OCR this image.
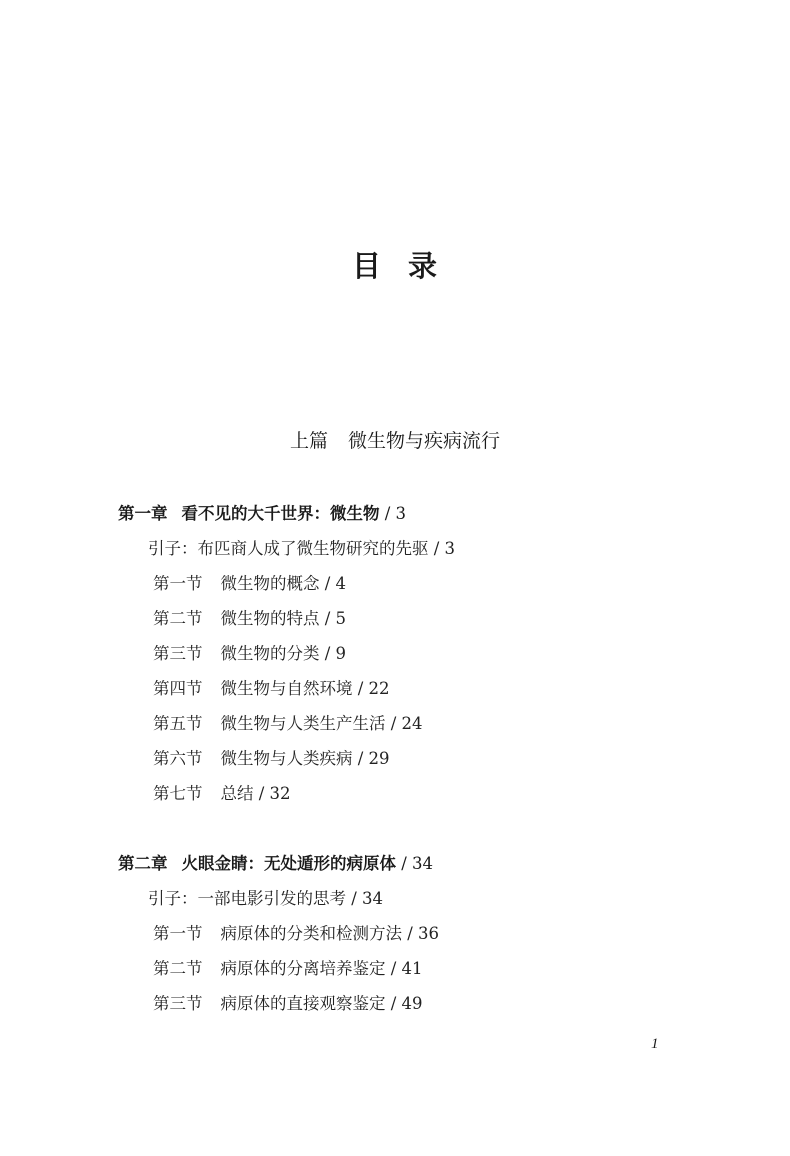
目 录
上篇 微生物与疾病流行
第一章 看不见的大千世界：微生物 / 3
引子：布匹商人成了微生物研究的先驱 / 3
第一节 微生物的概念 / 4
第二节 微生物的特点 / 5
第三节 微生物的分类 / 9
第四节 微生物与自然环境 / 22
第五节 微生物与人类生产生活 / 24
第六节 微生物与人类疾病 / 29
第七节 总结 / 32
第二章 火眼金睛：无处遁形的病原体 / 34
引子：一部电影引发的思考 / 34
第一节 病原体的分类和检测方法 / 36
第二节 病原体的分离培养鉴定 / 41
第三节 病原体的直接观察鉴定 / 49
1
